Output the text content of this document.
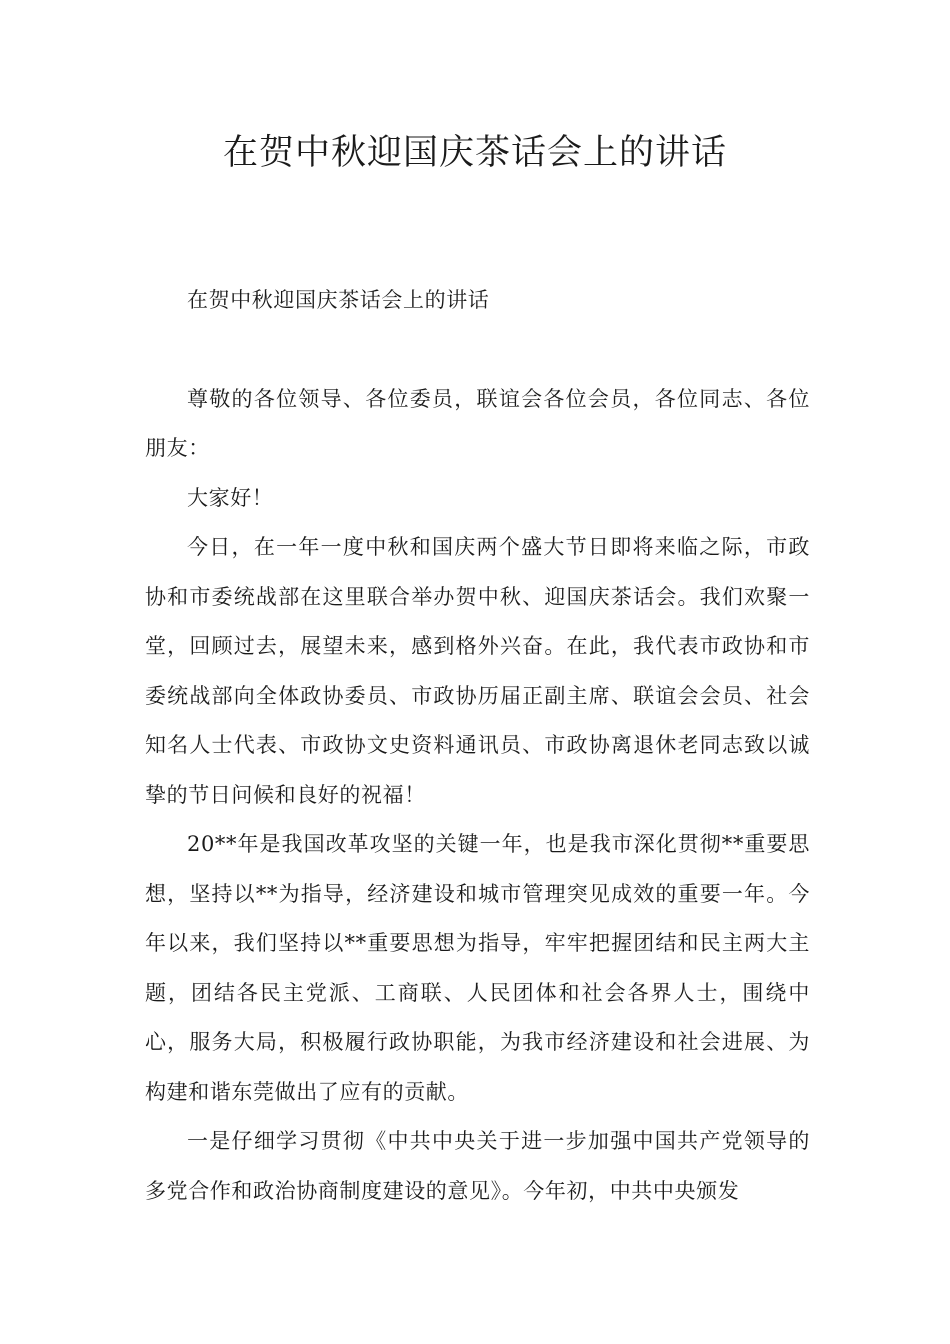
在贺中秋迎国庆茶话会上的讲话

在贺中秋迎国庆茶话会上的讲话

尊敬的各位领导、各位委员，联谊会各位会员，各位同志、各位朋友：

大家好！

今日，在一年一度中秋和国庆两个盛大节日即将来临之际，市政协和市委统战部在这里联合举办贺中秋、迎国庆茶话会。我们欢聚一堂，回顾过去，展望未来，感到格外兴奋。在此，我代表市政协和市委统战部向全体政协委员、市政协历届正副主席、联谊会会员、社会知名人士代表、市政协文史资料通讯员、市政协离退休老同志致以诚挚的节日问候和良好的祝福！

20**年是我国改革攻坚的关键一年，也是我市深化贯彻**重要思想，坚持以**为指导，经济建设和城市管理突见成效的重要一年。今年以来，我们坚持以**重要思想为指导，牢牢把握团结和民主两大主题，团结各民主党派、工商联、人民团体和社会各界人士，围绕中心，服务大局，积极履行政协职能，为我市经济建设和社会进展、为构建和谐东莞做出了应有的贡献。

一是仔细学习贯彻《中共中央关于进一步加强中国共产党领导的多党合作和政治协商制度建设的意见》。今年初，中共中央颁发
